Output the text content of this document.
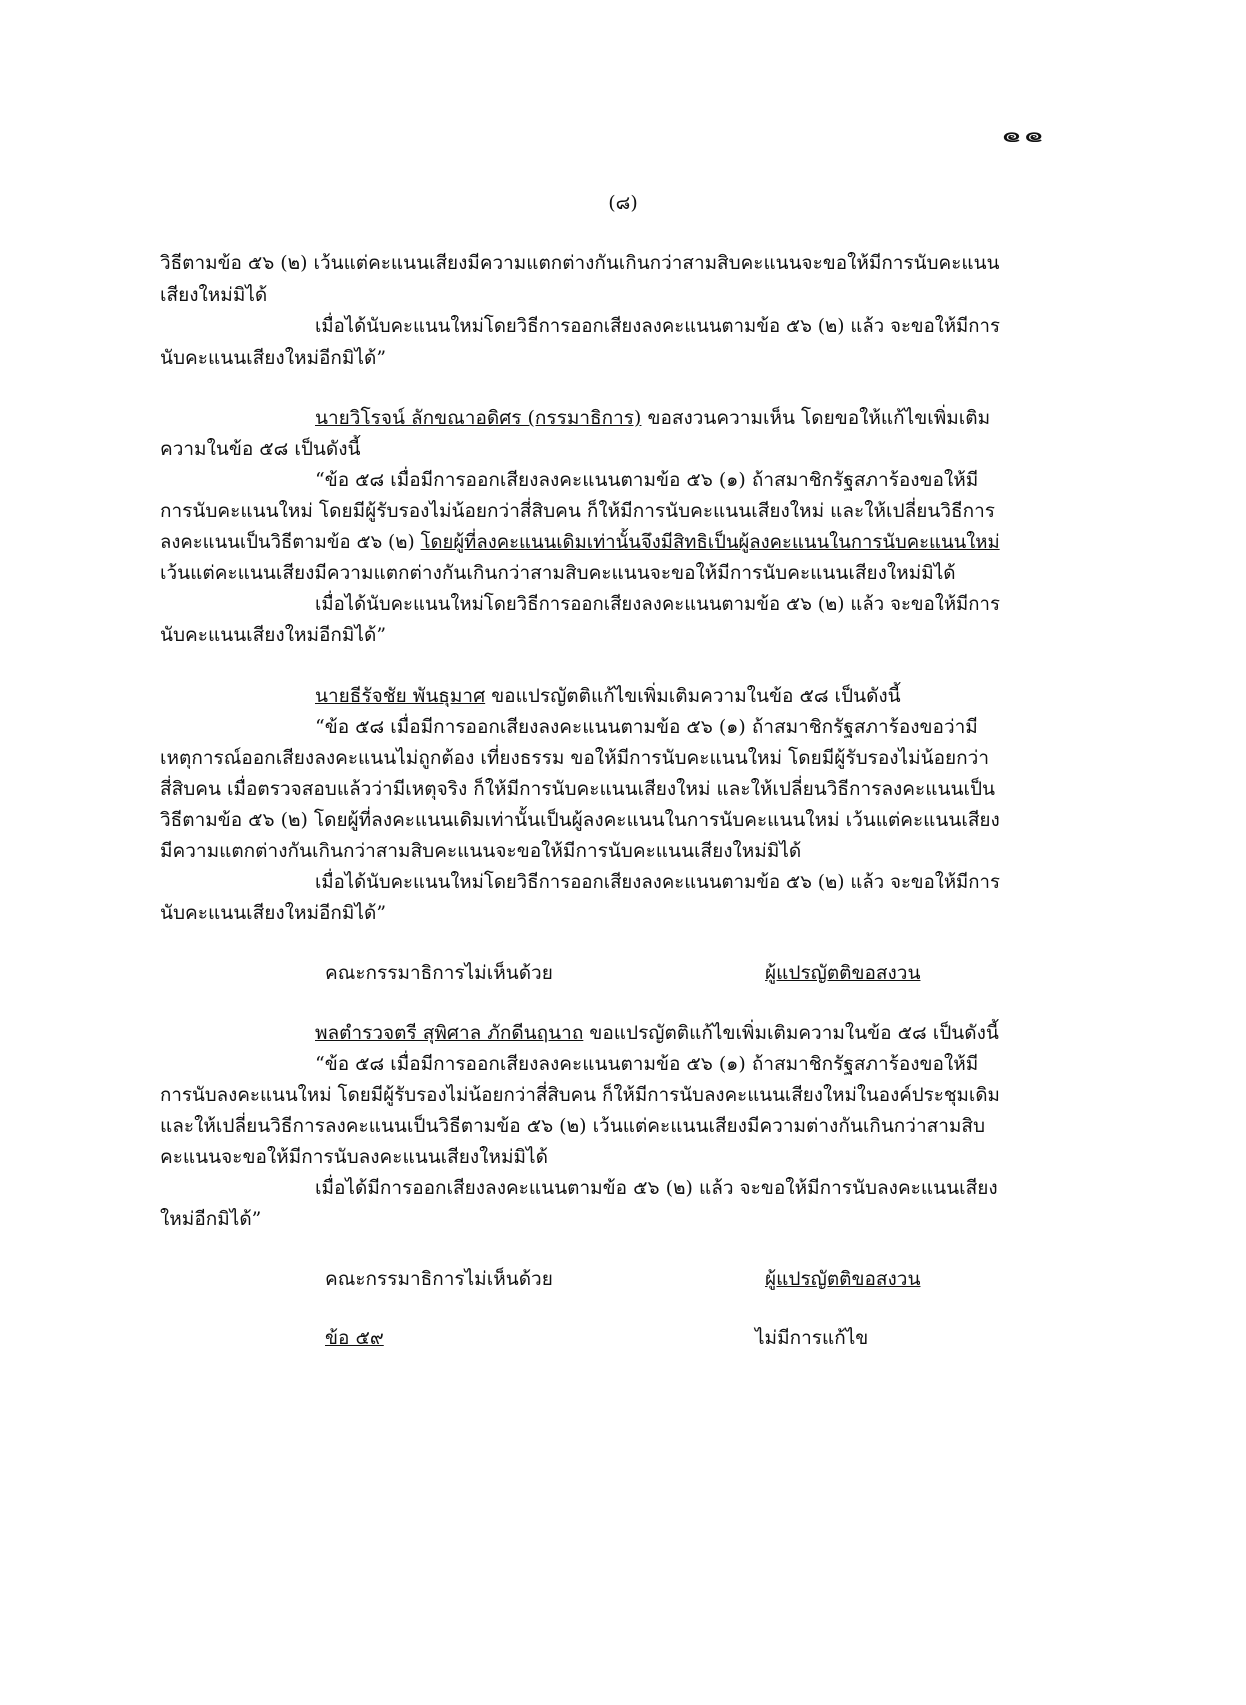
๑๑
(๘)
วิธีตามข้อ ๕๖ (๒) เว้นแต่คะแนนเสียงมีความแตกต่างกันเกินกว่าสามสิบคะแนนจะขอให้มีการนับคะแนน
เสียงใหม่มิได้
เมื่อได้นับคะแนนใหม่โดยวิธีการออกเสียงลงคะแนนตามข้อ ๕๖ (๒) แล้ว จะขอให้มีการ
นับคะแนนเสียงใหม่อีกมิได้”
นายวิโรจน์ ลักขณาอดิศร (กรรมาธิการ) ขอสงวนความเห็น โดยขอให้แก้ไขเพิ่มเติม
ความในข้อ ๕๘ เป็นดังนี้
“ข้อ ๕๘ เมื่อมีการออกเสียงลงคะแนนตามข้อ ๕๖ (๑) ถ้าสมาชิกรัฐสภาร้องขอให้มี
การนับคะแนนใหม่ โดยมีผู้รับรองไม่น้อยกว่าสี่สิบคน ก็ให้มีการนับคะแนนเสียงใหม่ และให้เปลี่ยนวิธีการ
ลงคะแนนเป็นวิธีตามข้อ ๕๖ (๒) โดยผู้ที่ลงคะแนนเดิมเท่านั้นจึงมีสิทธิเป็นผู้ลงคะแนนในการนับคะแนนใหม่
เว้นแต่คะแนนเสียงมีความแตกต่างกันเกินกว่าสามสิบคะแนนจะขอให้มีการนับคะแนนเสียงใหม่มิได้
เมื่อได้นับคะแนนใหม่โดยวิธีการออกเสียงลงคะแนนตามข้อ ๕๖ (๒) แล้ว จะขอให้มีการ
นับคะแนนเสียงใหม่อีกมิได้”
นายธีรัจชัย พันธุมาศ ขอแปรญัตติแก้ไขเพิ่มเติมความในข้อ ๕๘ เป็นดังนี้
“ข้อ ๕๘ เมื่อมีการออกเสียงลงคะแนนตามข้อ ๕๖ (๑) ถ้าสมาชิกรัฐสภาร้องขอว่ามี
เหตุการณ์ออกเสียงลงคะแนนไม่ถูกต้อง เที่ยงธรรม ขอให้มีการนับคะแนนใหม่ โดยมีผู้รับรองไม่น้อยกว่า
สี่สิบคน เมื่อตรวจสอบแล้วว่ามีเหตุจริง ก็ให้มีการนับคะแนนเสียงใหม่ และให้เปลี่ยนวิธีการลงคะแนนเป็น
วิธีตามข้อ ๕๖ (๒) โดยผู้ที่ลงคะแนนเดิมเท่านั้นเป็นผู้ลงคะแนนในการนับคะแนนใหม่ เว้นแต่คะแนนเสียง
มีความแตกต่างกันเกินกว่าสามสิบคะแนนจะขอให้มีการนับคะแนนเสียงใหม่มิได้
เมื่อได้นับคะแนนใหม่โดยวิธีการออกเสียงลงคะแนนตามข้อ ๕๖ (๒) แล้ว จะขอให้มีการ
นับคะแนนเสียงใหม่อีกมิได้”
คณะกรรมาธิการไม่เห็นด้วย	ผู้แปรญัตติขอสงวน
พลตำรวจตรี สุพิศาล ภักดีนฤนาถ ขอแปรญัตติแก้ไขเพิ่มเติมความในข้อ ๕๘ เป็นดังนี้
“ข้อ ๕๘ เมื่อมีการออกเสียงลงคะแนนตามข้อ ๕๖ (๑) ถ้าสมาชิกรัฐสภาร้องขอให้มี
การนับลงคะแนนใหม่ โดยมีผู้รับรองไม่น้อยกว่าสี่สิบคน ก็ให้มีการนับลงคะแนนเสียงใหม่ในองค์ประชุมเดิม
และให้เปลี่ยนวิธีการลงคะแนนเป็นวิธีตามข้อ ๕๖ (๒) เว้นแต่คะแนนเสียงมีความต่างกันเกินกว่าสามสิบ
คะแนนจะขอให้มีการนับลงคะแนนเสียงใหม่มิได้
เมื่อได้มีการออกเสียงลงคะแนนตามข้อ ๕๖ (๒) แล้ว จะขอให้มีการนับลงคะแนนเสียง
ใหม่อีกมิได้”
คณะกรรมาธิการไม่เห็นด้วย	ผู้แปรญัตติขอสงวน
ข้อ ๕๙	ไม่มีการแก้ไข
